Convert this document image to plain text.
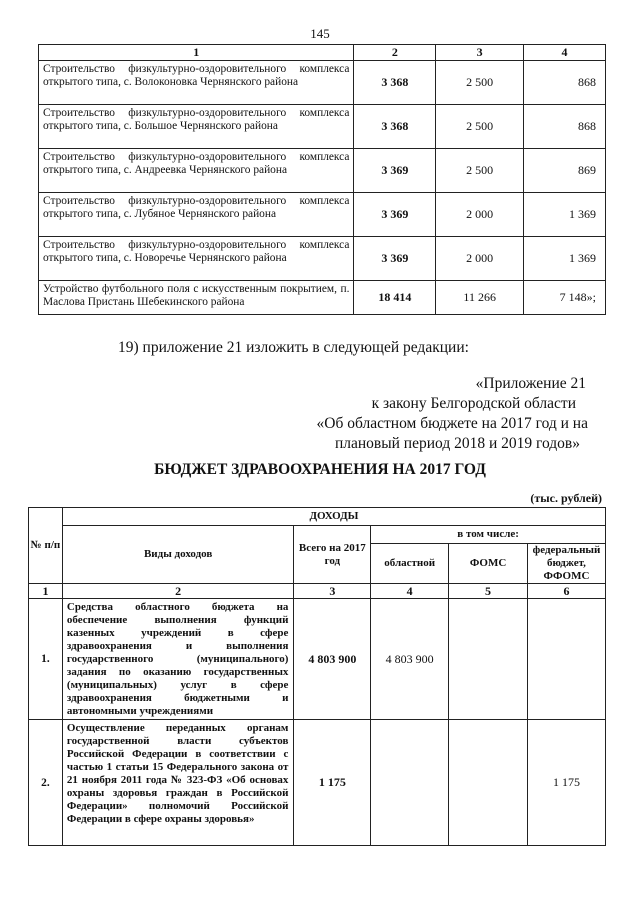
145
1	2	3	4
Строительство физкультурно-оздоровительного комплекса открытого типа, с. Волоконовка Чернянского района	3 368	2 500	868
Строительство физкультурно-оздоровительного комплекса открытого типа, с. Большое Чернянского района	3 368	2 500	868
Строительство физкультурно-оздоровительного комплекса открытого типа, с. Андреевка Чернянского района	3 369	2 500	869
Строительство физкультурно-оздоровительного комплекса открытого типа, с. Лубяное Чернянского района	3 369	2 000	1 369
Строительство физкультурно-оздоровительного комплекса открытого типа, с. Новоречье Чернянского района	3 369	2 000	1 369
Устройство футбольного поля с искусственным покрытием, п. Маслова Пристань Шебекинского района	18 414	11 266	7 148»;
19) приложение 21 изложить в следующей редакции:
«Приложение 21
к закону Белгородской области
«Об областном бюджете на 2017 год и на
плановый период 2018 и 2019 годов»
БЮДЖЕТ ЗДРАВООХРАНЕНИЯ НА 2017 ГОД
(тыс. рублей)
№ п/п	ДОХОДЫ				
	Виды доходов	Всего на 2017 год	в том числе:		
			областной	ФОМС	федеральный бюджет, ФФОМС
1	2	3	4	5	6
1.	Средства областного бюджета на обеспечение выполнения функций казенных учреждений в сфере здравоохранения и выполнения государственного (муниципального) задания по оказанию государственных (муниципальных) услуг в сфере здравоохранения бюджетными и автономными учреждениями	4 803 900	4 803 900		
2.	Осуществление переданных органам государственной власти субъектов Российской Федерации в соответствии с частью 1 статьи 15 Федерального закона от 21 ноября 2011 года № 323-ФЗ «Об основах охраны здоровья граждан в Российской Федерации» полномочий Российской Федерации в сфере охраны здоровья»	1 175			1 175
